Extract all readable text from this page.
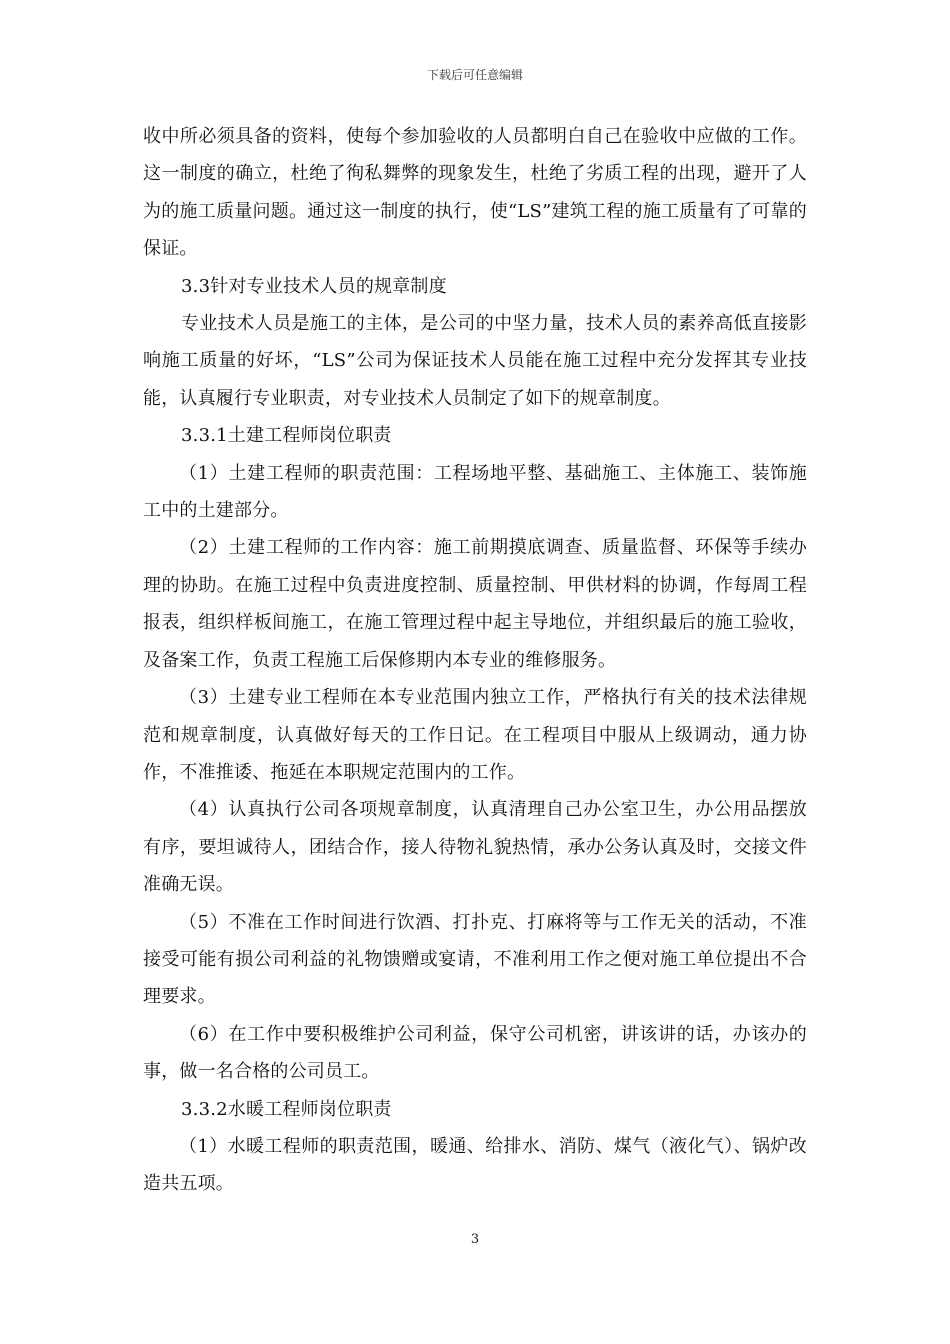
下载后可任意编辑

收中所必须具备的资料，使每个参加验收的人员都明白自己在验收中应做的工作。这一制度的确立，杜绝了徇私舞弊的现象发生，杜绝了劣质工程的出现，避开了人为的施工质量问题。通过这一制度的执行，使“LS”建筑工程的施工质量有了可靠的保证。

3.3针对专业技术人员的规章制度

专业技术人员是施工的主体，是公司的中坚力量，技术人员的素养高低直接影响施工质量的好坏，“LS”公司为保证技术人员能在施工过程中充分发挥其专业技能，认真履行专业职责，对专业技术人员制定了如下的规章制度。

3.3.1土建工程师岗位职责

（1）土建工程师的职责范围：工程场地平整、基础施工、主体施工、装饰施工中的土建部分。

（2）土建工程师的工作内容：施工前期摸底调查、质量监督、环保等手续办理的协助。在施工过程中负责进度控制、质量控制、甲供材料的协调，作每周工程报表，组织样板间施工，在施工管理过程中起主导地位，并组织最后的施工验收，及备案工作，负责工程施工后保修期内本专业的维修服务。

（3）土建专业工程师在本专业范围内独立工作，严格执行有关的技术法律规范和规章制度，认真做好每天的工作日记。在工程项目中服从上级调动，通力协作，不准推诿、拖延在本职规定范围内的工作。

（4）认真执行公司各项规章制度，认真清理自己办公室卫生，办公用品摆放有序，要坦诚待人，团结合作，接人待物礼貌热情，承办公务认真及时，交接文件准确无误。

（5）不准在工作时间进行饮酒、打扑克、打麻将等与工作无关的活动，不准接受可能有损公司利益的礼物馈赠或宴请，不准利用工作之便对施工单位提出不合理要求。

（6）在工作中要积极维护公司利益，保守公司机密，讲该讲的话，办该办的事，做一名合格的公司员工。

3.3.2水暖工程师岗位职责

（1）水暖工程师的职责范围，暖通、给排水、消防、煤气（液化气）、锅炉改造共五项。

3
